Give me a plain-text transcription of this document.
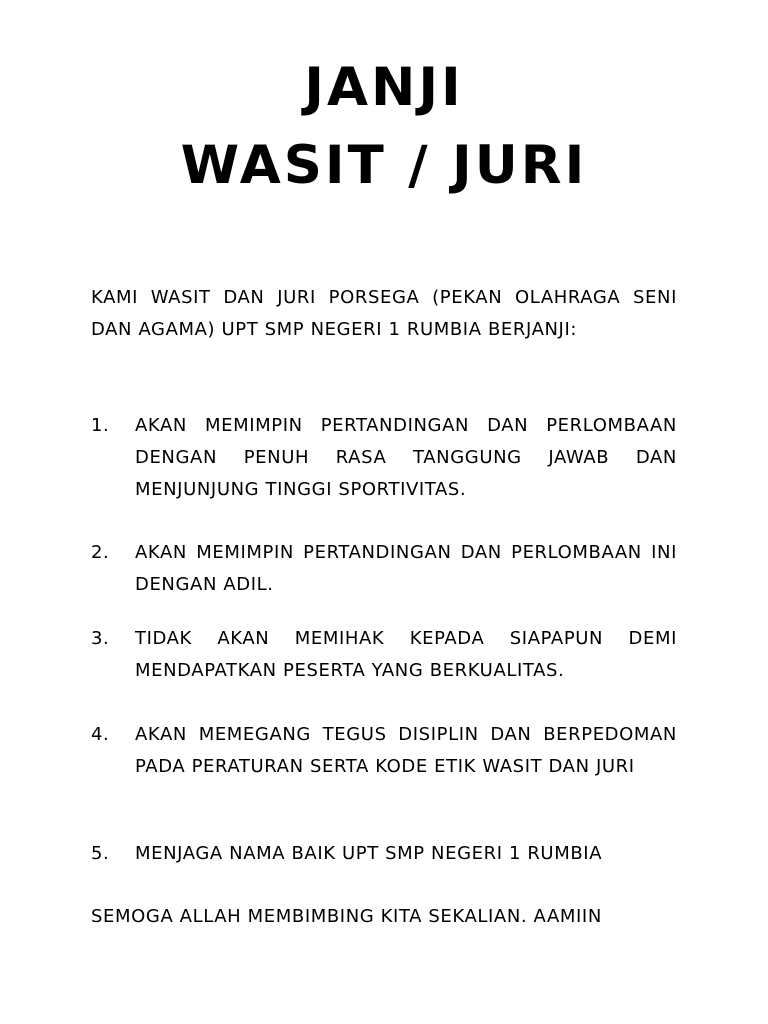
JANJI
WASIT / JURI

KAMI WASIT DAN JURI PORSEGA (PEKAN OLAHRAGA SENI DAN AGAMA) UPT SMP NEGERI 1 RUMBIA BERJANJI:

1.	AKAN MEMIMPIN PERTANDINGAN DAN PERLOMBAAN DENGAN PENUH RASA TANGGUNG JAWAB DAN MENJUNJUNG TINGGI SPORTIVITAS.

2.	AKAN MEMIMPIN PERTANDINGAN DAN PERLOMBAAN INI DENGAN ADIL.

3.	TIDAK AKAN MEMIHAK KEPADA SIAPAPUN DEMI MENDAPATKAN PESERTA YANG BERKUALITAS.

4.	AKAN MEMEGANG TEGUS DISIPLIN DAN BERPEDOMAN PADA PERATURAN SERTA KODE ETIK WASIT DAN JURI

5.	MENJAGA NAMA BAIK UPT SMP NEGERI 1 RUMBIA

SEMOGA ALLAH MEMBIMBING KITA SEKALIAN. AAMIIN
